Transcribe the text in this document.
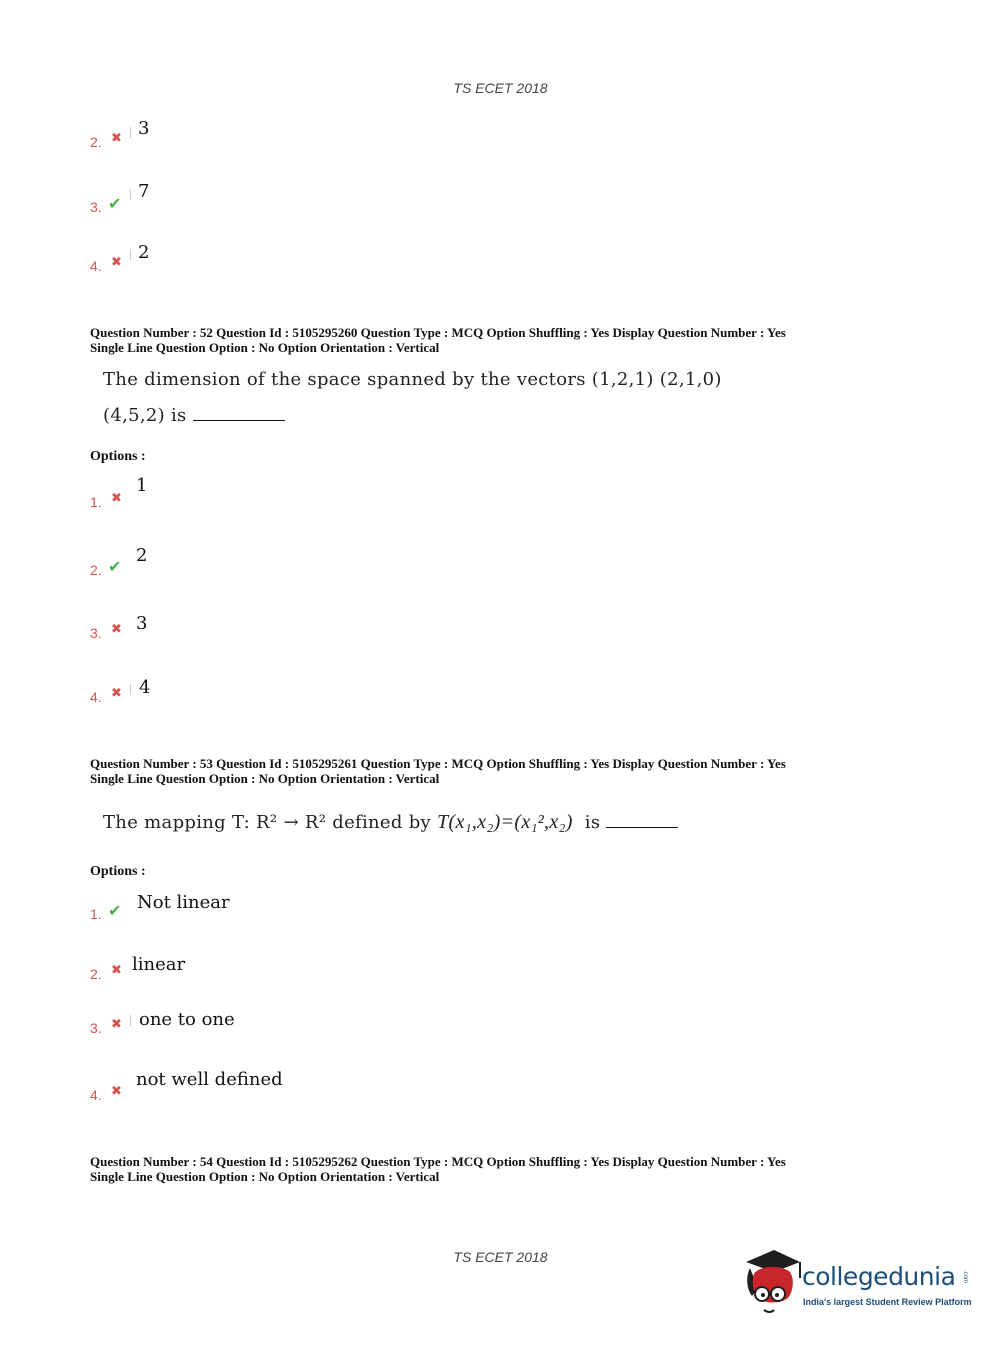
TS ECET 2018
2. ✖ 3
3. ✔
7
4. ✖ 2
Question Number : 52 Question Id : 5105295260 Question Type : MCQ Option Shuffling : Yes Display Question Number : Yes
Single Line Question Option : No Option Orientation : Vertical
The dimension of the space spanned by the vectors (1,2,1) (2,1,0)
(4,5,2) is
Options :
1. ✖
1
2. ✔
2
3. ✖ 3
4. ✖ 4
Question Number : 53 Question Id : 5105295261 Question Type : MCQ Option Shuffling : Yes Display Question Number : Yes
Single Line Question Option : No Option Orientation : Vertical
The mapping T: R² → R² defined by T(x₁,x₂)=(x₁²,x₂) is
Options :
1. ✔ Not linear
2. ✖ linear
3. ✖ one to one
4. ✖
not well defined
Question Number : 54 Question Id : 5105295262 Question Type : MCQ Option Shuffling : Yes Display Question Number : Yes
Single Line Question Option : No Option Orientation : Vertical
TS ECET 2018
collegedunia .com
India's largest Student Review Platform
